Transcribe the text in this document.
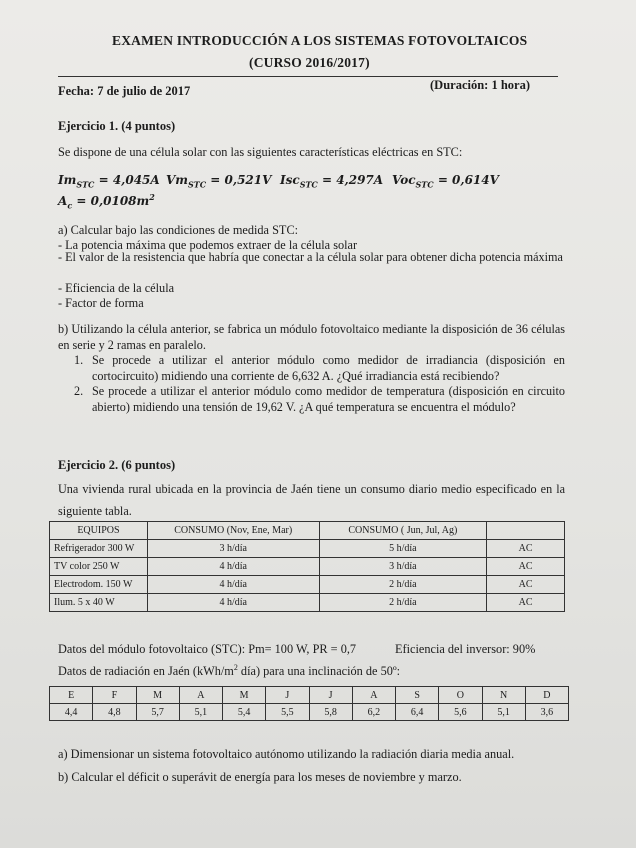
EXAMEN INTRODUCCIÓN A LOS SISTEMAS FOTOVOLTAICOS
(CURSO 2016/2017)
Fecha: 7 de julio de 2017	(Duración: 1 hora)
Ejercicio 1. (4 puntos)
Se dispone de una célula solar con las siguientes características eléctricas en STC:
$Im_{STC} = 4,045A$ $Vm_{STC} = 0,521V$ Isc$_{STC}$ = 4,297A Voc$_{STC}$ = 0,614V
$A_c = 0,0108m^2$
a) Calcular bajo las condiciones de medida STC:
- La potencia máxima que podemos extraer de la célula solar
- El valor de la resistencia que habría que conectar a la célula solar para obtener dicha potencia máxima
- Eficiencia de la célula
- Factor de forma
b) Utilizando la célula anterior, se fabrica un módulo fotovoltaico mediante la disposición de 36 células en serie y 2 ramas en paralelo.
1. Se procede a utilizar el anterior módulo como medidor de irradiancia (disposición en cortocircuito) midiendo una corriente de 6,632 A. ¿Qué irradiancia está recibiendo?
2. Se procede a utilizar el anterior módulo como medidor de temperatura (disposición en circuito abierto) midiendo una tensión de 19,62 V. ¿A qué temperatura se encuentra el módulo?
Ejercicio 2. (6 puntos)
Una vivienda rural ubicada en la provincia de Jaén tiene un consumo diario medio especificado en la siguiente tabla.
EQUIPOS	CONSUMO (Nov, Ene, Mar)	CONSUMO ( Jun, Jul, Ag)	
Refrigerador 300 W	3 h/día	5 h/día	AC
TV color 250 W	4 h/día	3 h/día	AC
Electrodom. 150 W	4 h/día	2 h/día	AC
Ilum. 5 x 40 W	4 h/día	2 h/día	AC
Datos del módulo fotovoltaico (STC): Pm= 100 W, PR = 0,7	Eficiencia del inversor: 90%
Datos de radiación en Jaén ($kWh/m^2$ día) para una inclinación de 50º:
E	F	M	A	M	J	J	A	S	O	N	D
4,4	4,8	5,7	5,1	5,4	5,5	5,8	6,2	6,4	5,6	5,1	3,6
a) Dimensionar un sistema fotovoltaico autónomo utilizando la radiación diaria media anual.
b) Calcular el déficit o superávit de energía para los meses de noviembre y marzo.
